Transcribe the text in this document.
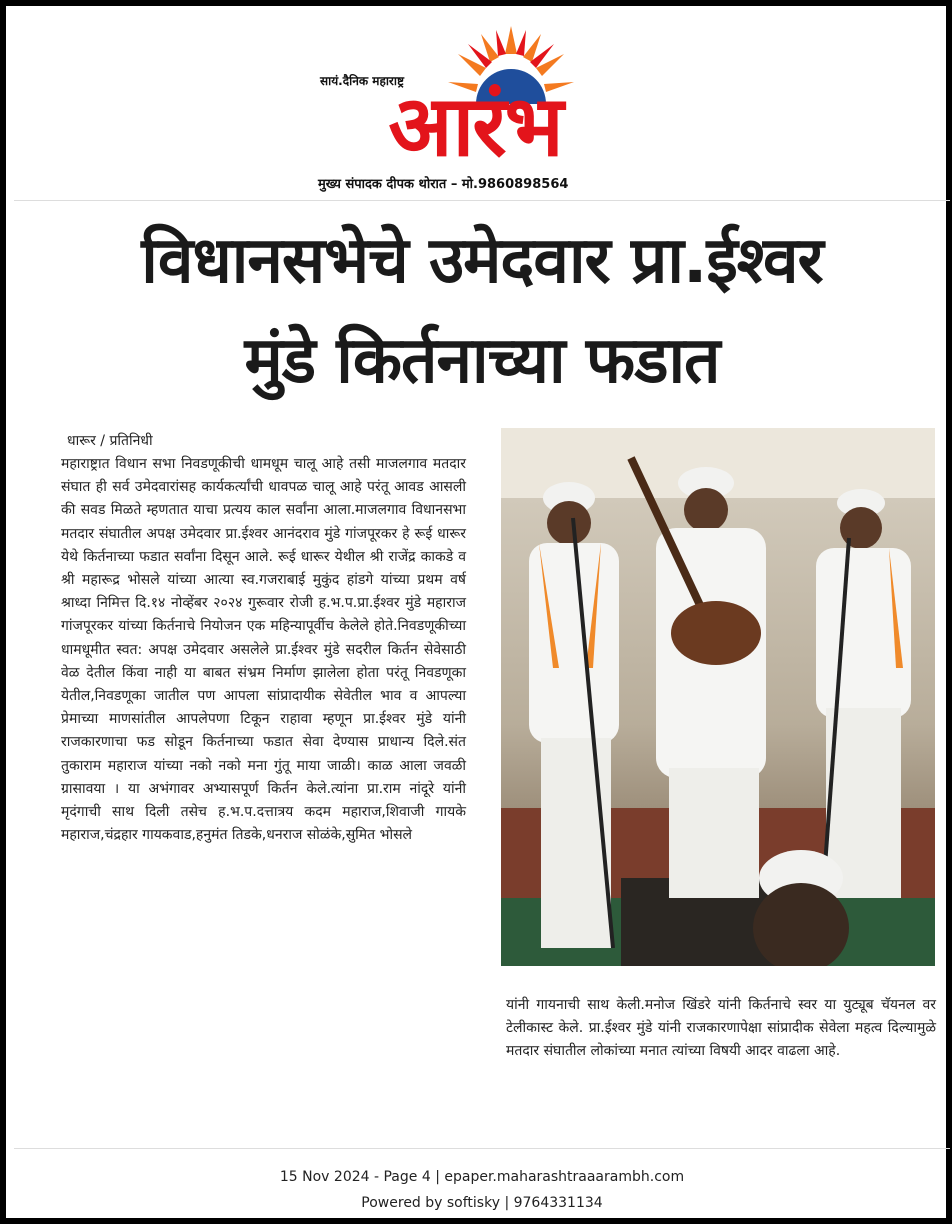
सायं.दैनिक महाराष्ट्र
आरंभ
मुख्य संपादक दीपक थोरात – मो.9860898564
विधानसभेचे उमेदवार प्रा.ईश्वर
मुंडे किर्तनाच्या फडात
धारूर / प्रतिनिधी

महाराष्ट्रात विधान सभा निवडणूकीची धामधूम चालू आहे तसी माजलगाव मतदार संघात ही सर्व उमेदवारांसह कार्यकर्त्यांची धावपळ चालू आहे परंतू आवड आसली की सवड मिळते म्हणतात याचा प्रत्यय काल सर्वांना आला.माजलगाव विधानसभा मतदार संघातील अपक्ष उमेदवार प्रा.ईश्वर आनंदराव मुंडे गांजपूरकर हे रूई धारूर येथे किर्तनाच्या फडात सर्वांना दिसून आले. रूई धारूर येथील श्री राजेंद्र काकडे व श्री महारूद्र भोसले यांच्या आत्या स्व.गजराबाई मुकुंद हांडगे यांच्या प्रथम वर्ष श्राध्दा निमित्त दि.१४ नोव्हेंबर २०२४ गुरूवार रोजी ह.भ.प.प्रा.ईश्वर मुंडे महाराज गांजपूरकर यांच्या किर्तनाचे नियोजन एक महिन्यापूर्वीच केलेले होते.निवडणूकीच्या धामधूमीत स्वत: अपक्ष उमेदवार असलेले प्रा.ईश्वर मुंडे सदरील किर्तन सेवेसाठी वेळ देतील किंवा नाही या बाबत संभ्रम निर्माण झालेला होता परंतू निवडणूका येतील,निवडणूका जातील पण आपला सांप्रादायीक सेवेतील भाव व आपल्या प्रेमाच्या माणसांतील आपलेपणा टिकून राहावा म्हणून प्रा.ईश्वर मुंडे यांनी राजकारणाचा फड सोडून किर्तनाच्या फडात सेवा देण्यास प्राधान्य दिले.संत तुकाराम महाराज यांच्या नको नको मना गुंतू माया जाळी। काळ आला जवळी ग्रासावया । या अभंगावर अभ्यासपूर्ण किर्तन केले.त्यांना प्रा.राम नांदूरे यांनी मृदंगाची साथ दिली तसेच ह.भ.प.दत्तात्रय कदम महाराज,शिवाजी गायके महाराज,चंद्रहार गायकवाड,हनुमंत तिडके,धनराज सोळंके,सुमित भोसले

यांनी गायनाची साथ केली.मनोज खिंडरे यांनी किर्तनाचे स्वर या युट्यूब चॅयनल वर टेलीकास्ट केले. प्रा.ईश्वर मुंडे यांनी राजकारणापेक्षा सांप्रादीक सेवेला महत्व दिल्यामुळे मतदार संघातील लोकांच्या मनात त्यांच्या विषयी आदर वाढला आहे.

15 Nov 2024 - Page 4 | epaper.maharashtraaarambh.com
Powered by softisky | 9764331134
